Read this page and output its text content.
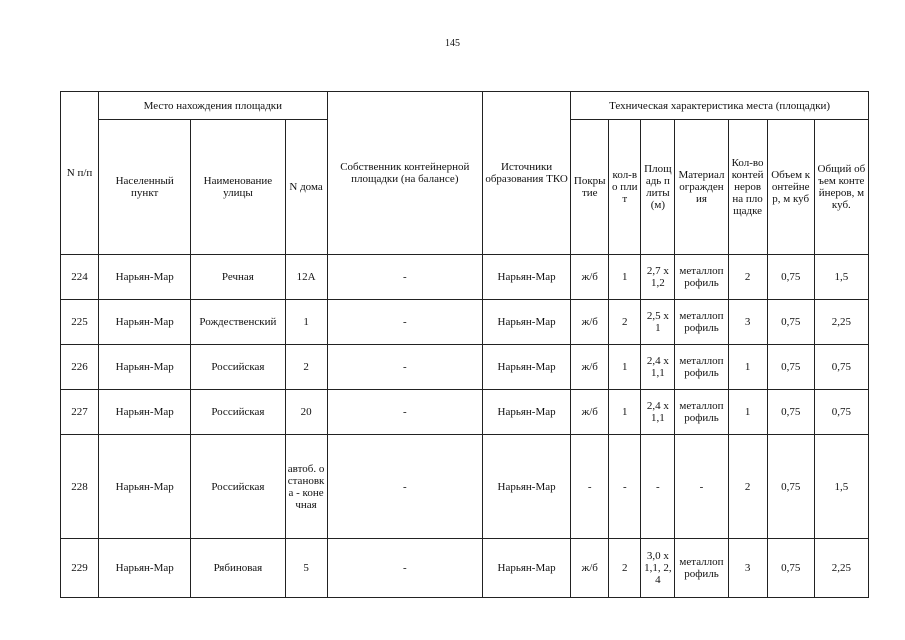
145
N п/п	Место нахождения площадки			Собственник контейнерной площадки (на балансе)	Источники образования ТКО	Техническая характеристика места (площадки)						
	Населенный пункт	Наименование улицы	N дома			Покрытие	кол-во плит	Площадь плиты (м)	Материал ограждения	Кол-во контейнеров на площадке	Объем контейнер, м куб	Общий объем контейнеров, м куб.
224	Нарьян-Мар	Речная	12А	-	Нарьян-Мар	ж/б	1	2,7 x 1,2	металлопрофиль	2	0,75	1,5
225	Нарьян-Мар	Рождественский	1	-	Нарьян-Мар	ж/б	2	2,5 x 1	металлопрофиль	3	0,75	2,25
226	Нарьян-Мар	Российская	2	-	Нарьян-Мар	ж/б	1	2,4 x 1,1	металлопрофиль	1	0,75	0,75
227	Нарьян-Мар	Российская	20	-	Нарьян-Мар	ж/б	1	2,4 x 1,1	металлопрофиль	1	0,75	0,75
228	Нарьян-Мар	Российская	автоб. остановка - конечная	-	Нарьян-Мар	-	-	-	-	2	0,75	1,5
229	Нарьян-Мар	Рябиновая	5	-	Нарьян-Мар	ж/б	2	3,0 x 1,1, 2,4	металлопрофиль	3	0,75	2,25
